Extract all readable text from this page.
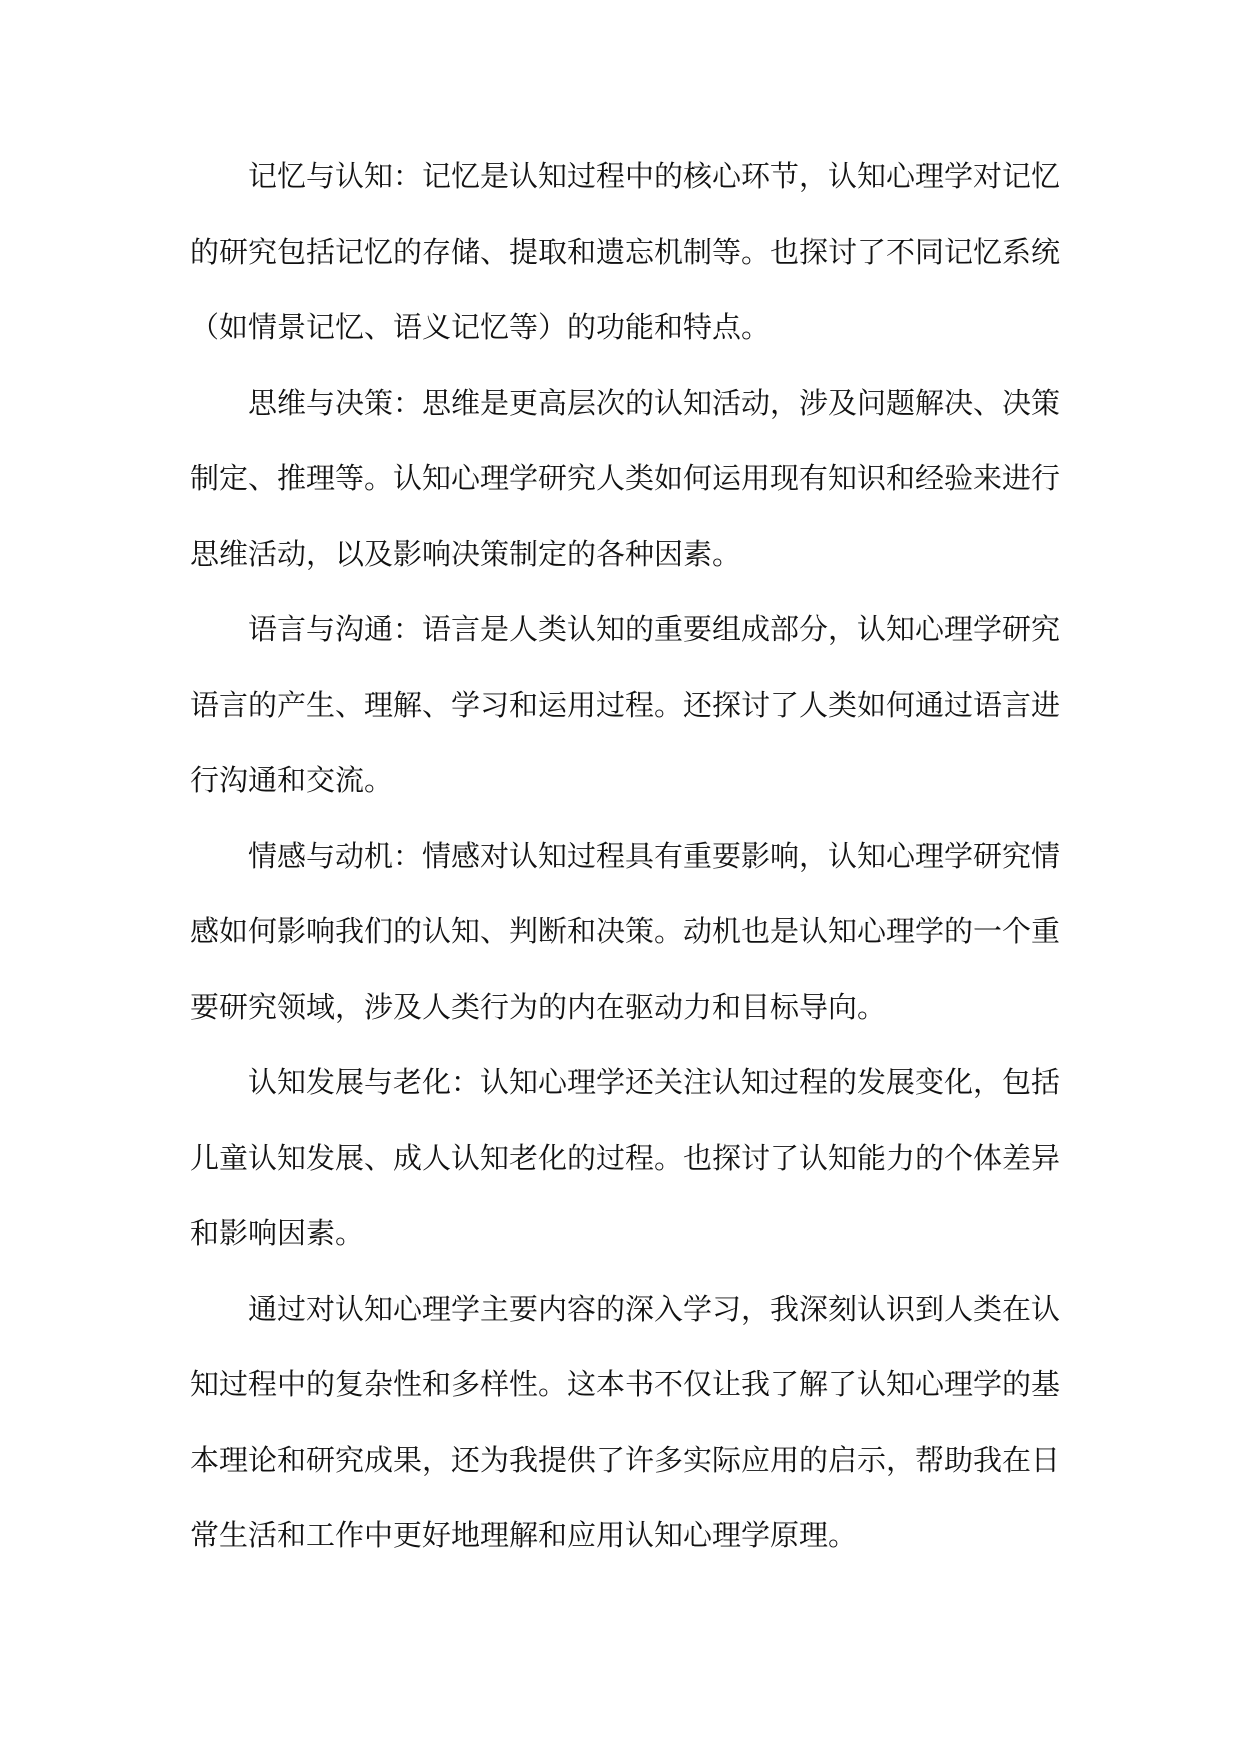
记忆与认知：记忆是认知过程中的核心环节，认知心理学对记忆的研究包括记忆的存储、提取和遗忘机制等。也探讨了不同记忆系统（如情景记忆、语义记忆等）的功能和特点。

思维与决策：思维是更高层次的认知活动，涉及问题解决、决策制定、推理等。认知心理学研究人类如何运用现有知识和经验来进行思维活动，以及影响决策制定的各种因素。

语言与沟通：语言是人类认知的重要组成部分，认知心理学研究语言的产生、理解、学习和运用过程。还探讨了人类如何通过语言进行沟通和交流。

情感与动机：情感对认知过程具有重要影响，认知心理学研究情感如何影响我们的认知、判断和决策。动机也是认知心理学的一个重要研究领域，涉及人类行为的内在驱动力和目标导向。

认知发展与老化：认知心理学还关注认知过程的发展变化，包括儿童认知发展、成人认知老化的过程。也探讨了认知能力的个体差异和影响因素。

通过对认知心理学主要内容的深入学习，我深刻认识到人类在认知过程中的复杂性和多样性。这本书不仅让我了解了认知心理学的基本理论和研究成果，还为我提供了许多实际应用的启示，帮助我在日常生活和工作中更好地理解和应用认知心理学原理。
